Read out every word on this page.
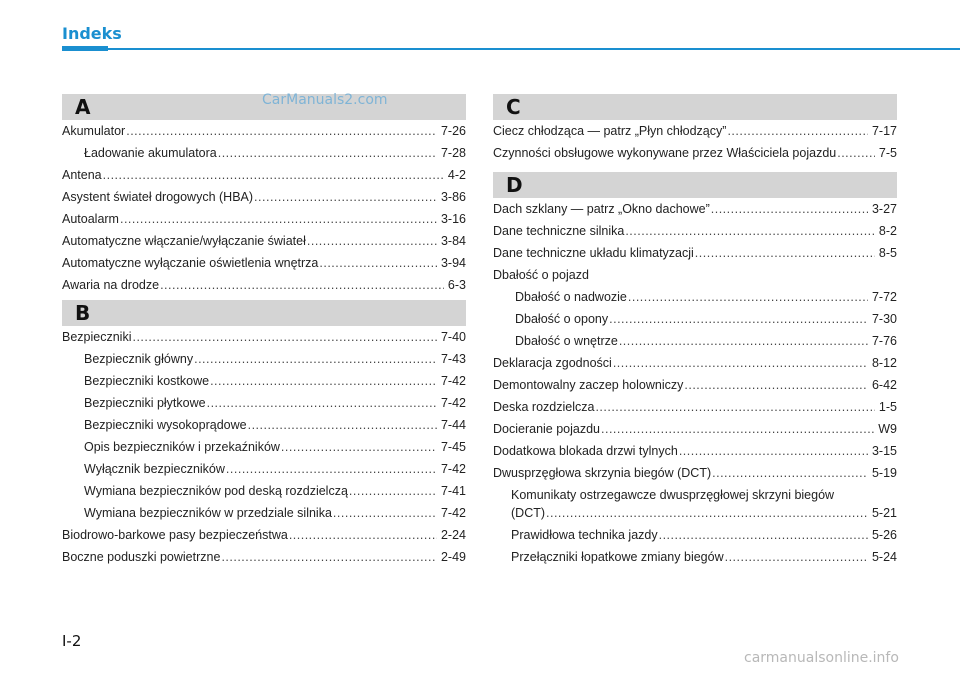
Indeks
A
Akumulator .....	7-26
Ładowanie akumulatora .....	7-28
Antena .....	4-2
Asystent świateł drogowych (HBA) .....	3-86
Autoalarm .....	3-16
Automatyczne włączanie/wyłączanie świateł .....	3-84
Automatyczne wyłączanie oświetlenia wnętrza .....	3-94
Awaria na drodze .....	6-3
B
Bezpieczniki .....	7-40
Bezpiecznik główny .....	7-43
Bezpieczniki kostkowe .....	7-42
Bezpieczniki płytkowe .....	7-42
Bezpieczniki wysokoprądowe .....	7-44
Opis bezpieczników i przekaźników .....	7-45
Wyłącznik bezpieczników .....	7-42
Wymiana bezpieczników pod deską rozdzielczą .....	7-41
Wymiana bezpieczników w przedziale silnika .....	7-42
Biodrowo-barkowe pasy bezpieczeństwa .....	2-24
Boczne poduszki powietrzne .....	2-49
C
Ciecz chłodząca — patrz „Płyn chłodzący” .....	7-17
Czynności obsługowe wykonywane przez Właściciela pojazdu .....	7-5
D
Dach szklany — patrz „Okno dachowe” .....	3-27
Dane techniczne silnika .....	8-2
Dane techniczne układu klimatyzacji .....	8-5
Dbałość o pojazd
Dbałość o nadwozie .....	7-72
Dbałość o opony .....	7-30
Dbałość o wnętrze .....	7-76
Deklaracja zgodności .....	8-12
Demontowalny zaczep holowniczy .....	6-42
Deska rozdzielcza .....	1-5
Docieranie pojazdu .....	W9
Dodatkowa blokada drzwi tylnych .....	3-15
Dwusprzęgłowa skrzynia biegów (DCT) .....	5-19
Komunikaty ostrzegawcze dwusprzęgłowej skrzyni biegów
(DCT) .....	5-21
Prawidłowa technika jazdy .....	5-26
Przełączniki łopatkowe zmiany biegów .....	5-24
CarManuals2.com
I-2
carmanualsonline.info
